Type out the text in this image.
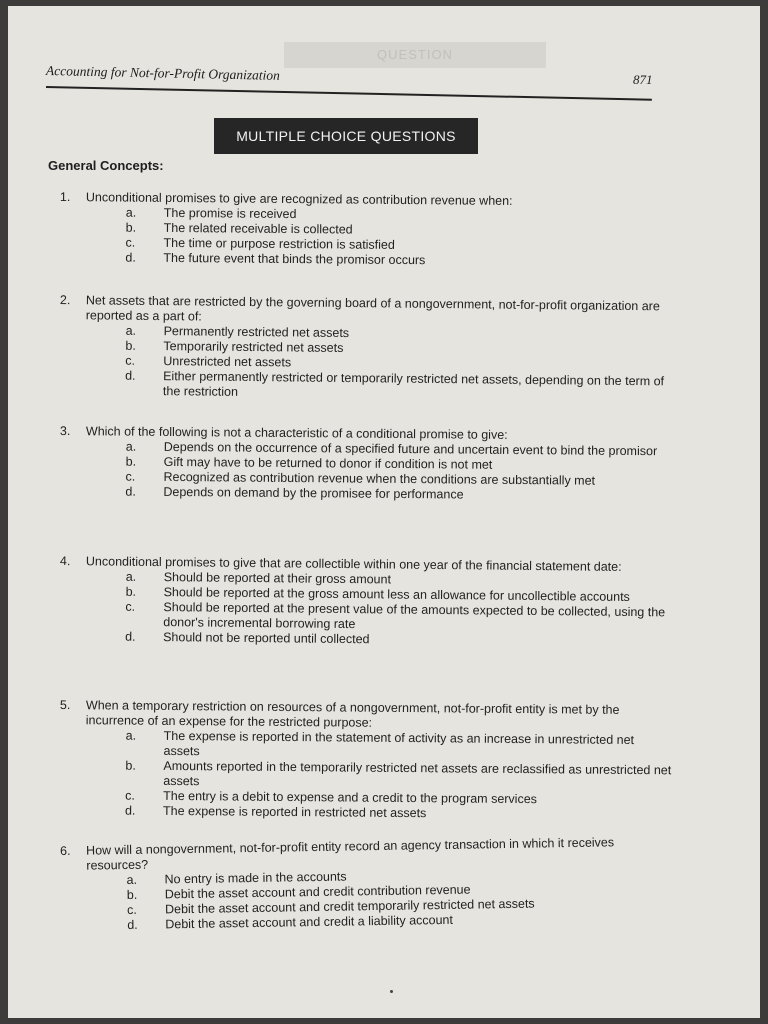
QUESTION
Accounting for Not-for-Profit Organization	871
MULTIPLE CHOICE QUESTIONS
General Concepts:
1.	Unconditional promises to give are recognized as contribution revenue when:
a.	The promise is received
b.	The related receivable is collected
c.	The time or purpose restriction is satisfied
d.	The future event that binds the promisor occurs
2.	Net assets that are restricted by the governing board of a nongovernment, not-for-profit organization are reported as a part of:
a.	Permanently restricted net assets
b.	Temporarily restricted net assets
c.	Unrestricted net assets
d.	Either permanently restricted or temporarily restricted net assets, depending on the term of the restriction
3.	Which of the following is not a characteristic of a conditional promise to give:
a.	Depends on the occurrence of a specified future and uncertain event to bind the promisor
b.	Gift may have to be returned to donor if condition is not met
c.	Recognized as contribution revenue when the conditions are substantially met
d.	Depends on demand by the promisee for performance
4.	Unconditional promises to give that are collectible within one year of the financial statement date:
a.	Should be reported at their gross amount
b.	Should be reported at the gross amount less an allowance for uncollectible accounts
c.	Should be reported at the present value of the amounts expected to be collected, using the donor's incremental borrowing rate
d.	Should not be reported until collected
5.	When a temporary restriction on resources of a nongovernment, not-for-profit entity is met by the incurrence of an expense for the restricted purpose:
a.	The expense is reported in the statement of activity as an increase in unrestricted net assets
b.	Amounts reported in the temporarily restricted net assets are reclassified as unrestricted net assets
c.	The entry is a debit to expense and a credit to the program services
d.	The expense is reported in restricted net assets
6.	How will a nongovernment, not-for-profit entity record an agency transaction in which it receives resources?
a.	No entry is made in the accounts
b.	Debit the asset account and credit contribution revenue
c.	Debit the asset account and credit temporarily restricted net assets
d.	Debit the asset account and credit a liability account
